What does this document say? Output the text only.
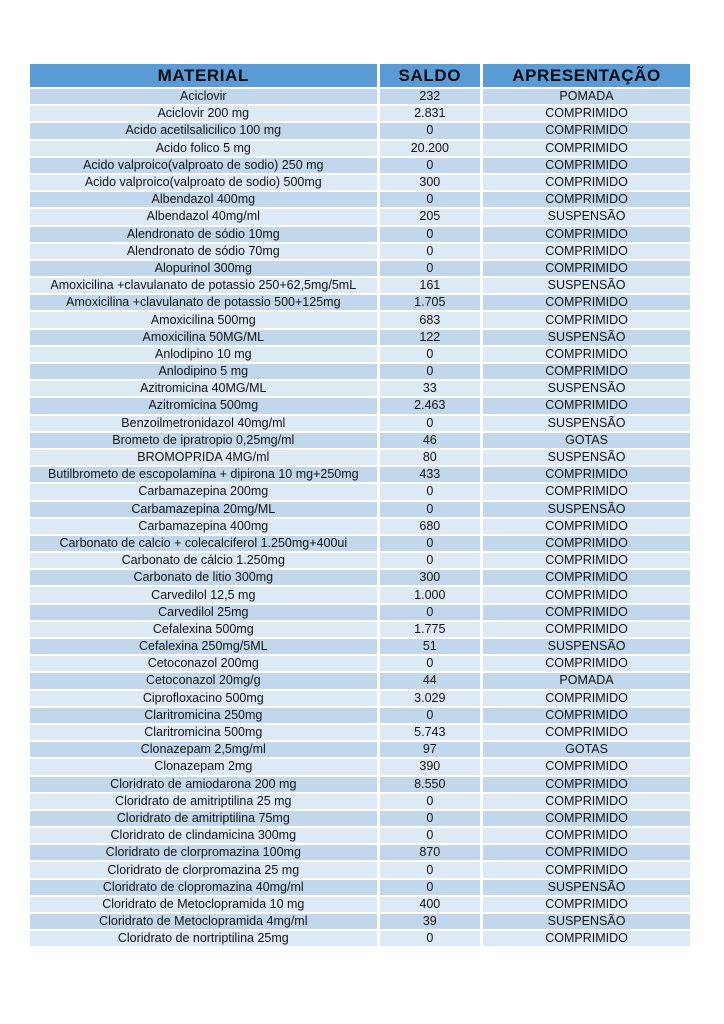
MATERIAL	SALDO	APRESENTAÇÃO
Aciclovir	232	POMADA
Aciclovir 200 mg	2.831	COMPRIMIDO
Acido acetilsalicilico 100 mg	0	COMPRIMIDO
Acido folico 5 mg	20.200	COMPRIMIDO
Acido valproico(valproato de sodio) 250 mg	0	COMPRIMIDO
Acido valproico(valproato de sodio) 500mg	300	COMPRIMIDO
Albendazol 400mg	0	COMPRIMIDO
Albendazol 40mg/ml	205	SUSPENSÃO
Alendronato de sódio 10mg	0	COMPRIMIDO
Alendronato de sódio 70mg	0	COMPRIMIDO
Alopurinol 300mg	0	COMPRIMIDO
Amoxicilina +clavulanato de potassio 250+62,5mg/5mL	161	SUSPENSÃO
Amoxicilina +clavulanato de potassio 500+125mg	1.705	COMPRIMIDO
Amoxicilina 500mg	683	COMPRIMIDO
Amoxicilina 50MG/ML	122	SUSPENSÃO
Anlodipino 10 mg	0	COMPRIMIDO
Anlodipino 5 mg	0	COMPRIMIDO
Azitromicina 40MG/ML	33	SUSPENSÃO
Azitromicina 500mg	2.463	COMPRIMIDO
Benzoilmetronidazol 40mg/ml	0	SUSPENSÃO
Brometo de ipratropio 0,25mg/ml	46	GOTAS
BROMOPRIDA 4MG/ml	80	SUSPENSÃO
Butilbrometo de escopolamina + dipirona 10 mg+250mg	433	COMPRIMIDO
Carbamazepina 200mg	0	COMPRIMIDO
Carbamazepina 20mg/ML	0	SUSPENSÃO
Carbamazepina 400mg	680	COMPRIMIDO
Carbonato de calcio + colecalciferol 1.250mg+400ui	0	COMPRIMIDO
Carbonato de cálcio 1.250mg	0	COMPRIMIDO
Carbonato de litio 300mg	300	COMPRIMIDO
Carvedilol 12,5 mg	1.000	COMPRIMIDO
Carvedilol 25mg	0	COMPRIMIDO
Cefalexina 500mg	1.775	COMPRIMIDO
Cefalexina 250mg/5ML	51	SUSPENSÃO
Cetoconazol 200mg	0	COMPRIMIDO
Cetoconazol 20mg/g	44	POMADA
Ciprofloxacino 500mg	3.029	COMPRIMIDO
Claritromicina 250mg	0	COMPRIMIDO
Claritromicina 500mg	5.743	COMPRIMIDO
Clonazepam 2,5mg/ml	97	GOTAS
Clonazepam 2mg	390	COMPRIMIDO
Cloridrato de amiodarona 200 mg	8.550	COMPRIMIDO
Cloridrato de amitriptilina 25 mg	0	COMPRIMIDO
Cloridrato de amitriptilina 75mg	0	COMPRIMIDO
Cloridrato de clindamicina 300mg	0	COMPRIMIDO
Cloridrato de clorpromazina 100mg	870	COMPRIMIDO
Cloridrato de clorpromazina 25 mg	0	COMPRIMIDO
Cloridrato de clopromazina 40mg/ml	0	SUSPENSÃO
Cloridrato de Metoclopramida 10 mg	400	COMPRIMIDO
Cloridrato de Metoclopramida 4mg/ml	39	SUSPENSÃO
Cloridrato de nortriptilina 25mg	0	COMPRIMIDO
